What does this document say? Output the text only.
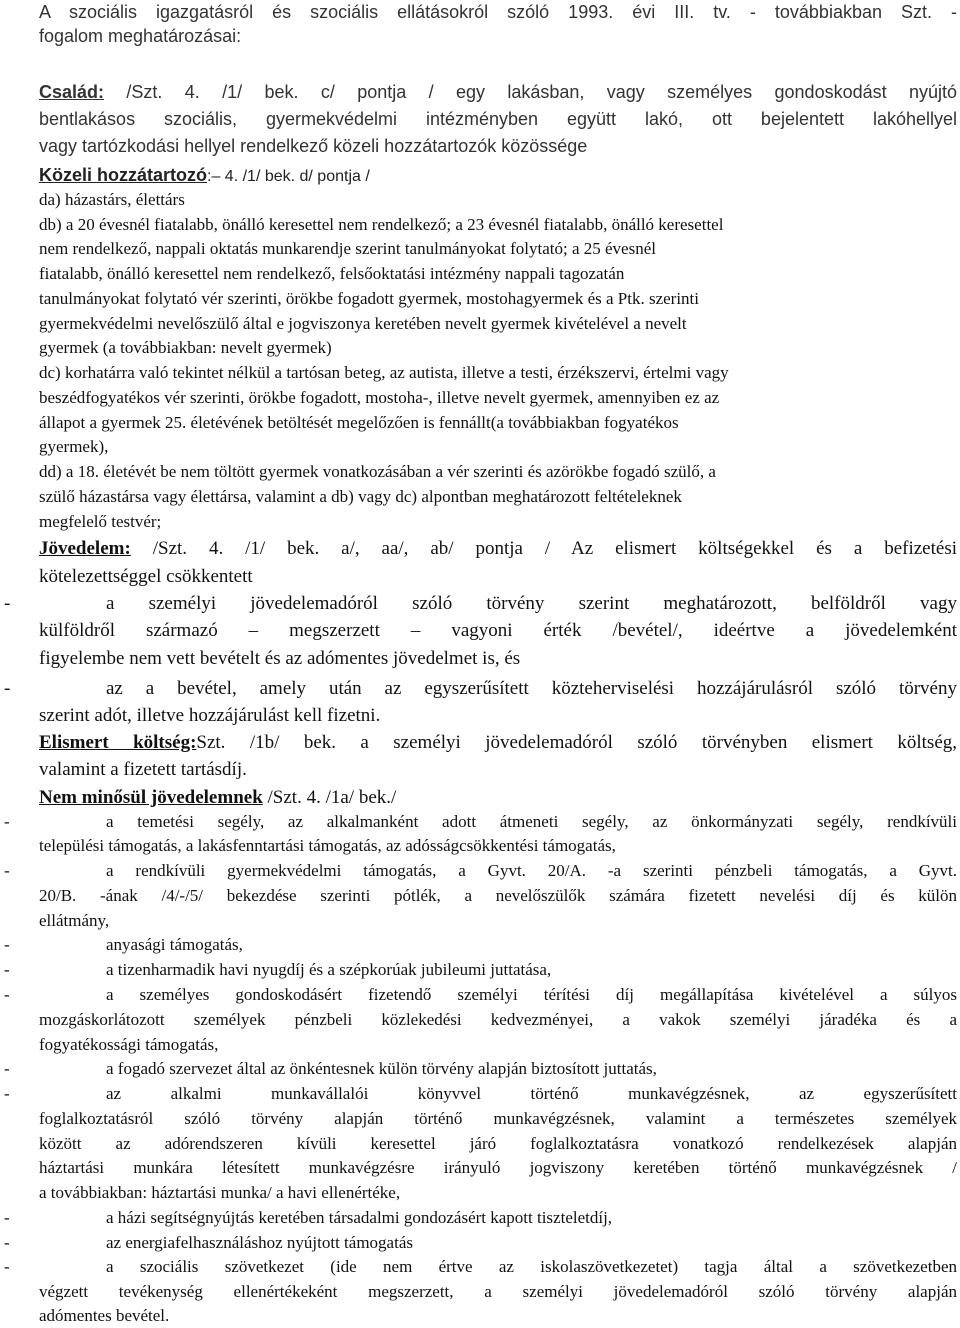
A szociális igazgatásról és szociális ellátásokról szóló 1993. évi III. tv. - továbbiakban Szt. -
fogalom meghatározásai:
Család: /Szt. 4. /1/ bek. c/ pontja / egy lakásban, vagy személyes gondoskodást nyújtó
bentlakásos szociális, gyermekvédelmi intézményben együtt lakó, ott bejelentett lakóhellyel
vagy tartózkodási hellyel rendelkező közeli hozzátartozók közössége
Közeli hozzátartozó:– 4. /1/ bek. d/ pontja /
da) házastárs, élettárs
db) a 20 évesnél fiatalabb, önálló keresettel nem rendelkező; a 23 évesnél fiatalabb, önálló keresettel
nem rendelkező, nappali oktatás munkarendje szerint tanulmányokat folytató; a 25 évesnél
fiatalabb, önálló keresettel nem rendelkező, felsőoktatási intézmény nappali tagozatán
tanulmányokat folytató vér szerinti, örökbe fogadott gyermek, mostohagyermek és a Ptk. szerinti
gyermekvédelmi nevelőszülő által e jogviszonya keretében nevelt gyermek kivételével a nevelt
gyermek (a továbbiakban: nevelt gyermek)
dc) korhatárra való tekintet nélkül a tartósan beteg, az autista, illetve a testi, érzékszervi, értelmi vagy
beszédfogyatékos vér szerinti, örökbe fogadott, mostoha-, illetve nevelt gyermek, amennyiben ez az
állapot a gyermek 25. életévének betöltését megelőzően is fennállt(a továbbiakban fogyatékos
gyermek),
dd) a 18. életévét be nem töltött gyermek vonatkozásában a vér szerinti és azörökbe fogadó szülő, a
szülő házastársa vagy élettársa, valamint a db) vagy dc) alpontban meghatározott feltételeknek
megfelelő testvér;
Jövedelem: /Szt. 4. /1/ bek. a/, aa/, ab/ pontja / Az elismert költségekkel és a befizetési
kötelezettséggel csökkentett
-	a személyi jövedelemadóról szóló törvény szerint meghatározott, belföldről vagy
külföldről származó – megszerzett – vagyoni érték /bevétel/, ideértve a jövedelemként
figyelembe nem vett bevételt és az adómentes jövedelmet is, és
-	az a bevétel, amely után az egyszerűsített közteherviselési hozzájárulásról szóló törvény
szerint adót, illetve hozzájárulást kell fizetni.
Elismert költség:Szt. /1b/ bek. a személyi jövedelemadóról szóló törvényben elismert költség,
valamint a fizetett tartásdíj.
Nem minősül jövedelemnek /Szt. 4. /1a/ bek./
-	a temetési segély, az alkalmanként adott átmeneti segély, az önkormányzati segély, rendkívüli
települési támogatás, a lakásfenntartási támogatás, az adósságcsökkentési támogatás,
-	a rendkívüli gyermekvédelmi támogatás, a Gyvt. 20/A. -a szerinti pénzbeli támogatás, a Gyvt.
20/B. -ának /4/-/5/ bekezdése szerinti pótlék, a nevelőszülők számára fizetett nevelési díj és külön
ellátmány,
-	anyasági támogatás,
-	a tizenharmadik havi nyugdíj és a szépkorúak jubileumi juttatása,
-	a személyes gondoskodásért fizetendő személyi térítési díj megállapítása kivételével a súlyos
mozgáskorlátozott személyek pénzbeli közlekedési kedvezményei, a vakok személyi járadéka és a
fogyatékossági támogatás,
-	a fogadó szervezet által az önkéntesnek külön törvény alapján biztosított juttatás,
-	az alkalmi munkavállalói könyvvel történő munkavégzésnek, az egyszerűsített
foglalkoztatásról szóló törvény alapján történő munkavégzésnek, valamint a természetes személyek
között az adórendszeren kívüli keresettel járó foglalkoztatásra vonatkozó rendelkezések alapján
háztartási munkára létesített munkavégzésre irányuló jogviszony keretében történő munkavégzésnek /
a továbbiakban: háztartási munka/ a havi ellenértéke,
-	a házi segítségnyújtás keretében társadalmi gondozásért kapott tiszteletdíj,
-	az energiafelhasználáshoz nyújtott támogatás
-	a szociális szövetkezet (ide nem értve az iskolaszövetkezetet) tagja által a szövetkezetben
végzett tevékenység ellenértékeként megszerzett, a személyi jövedelemadóról szóló törvény alapján
adómentes bevétel.
